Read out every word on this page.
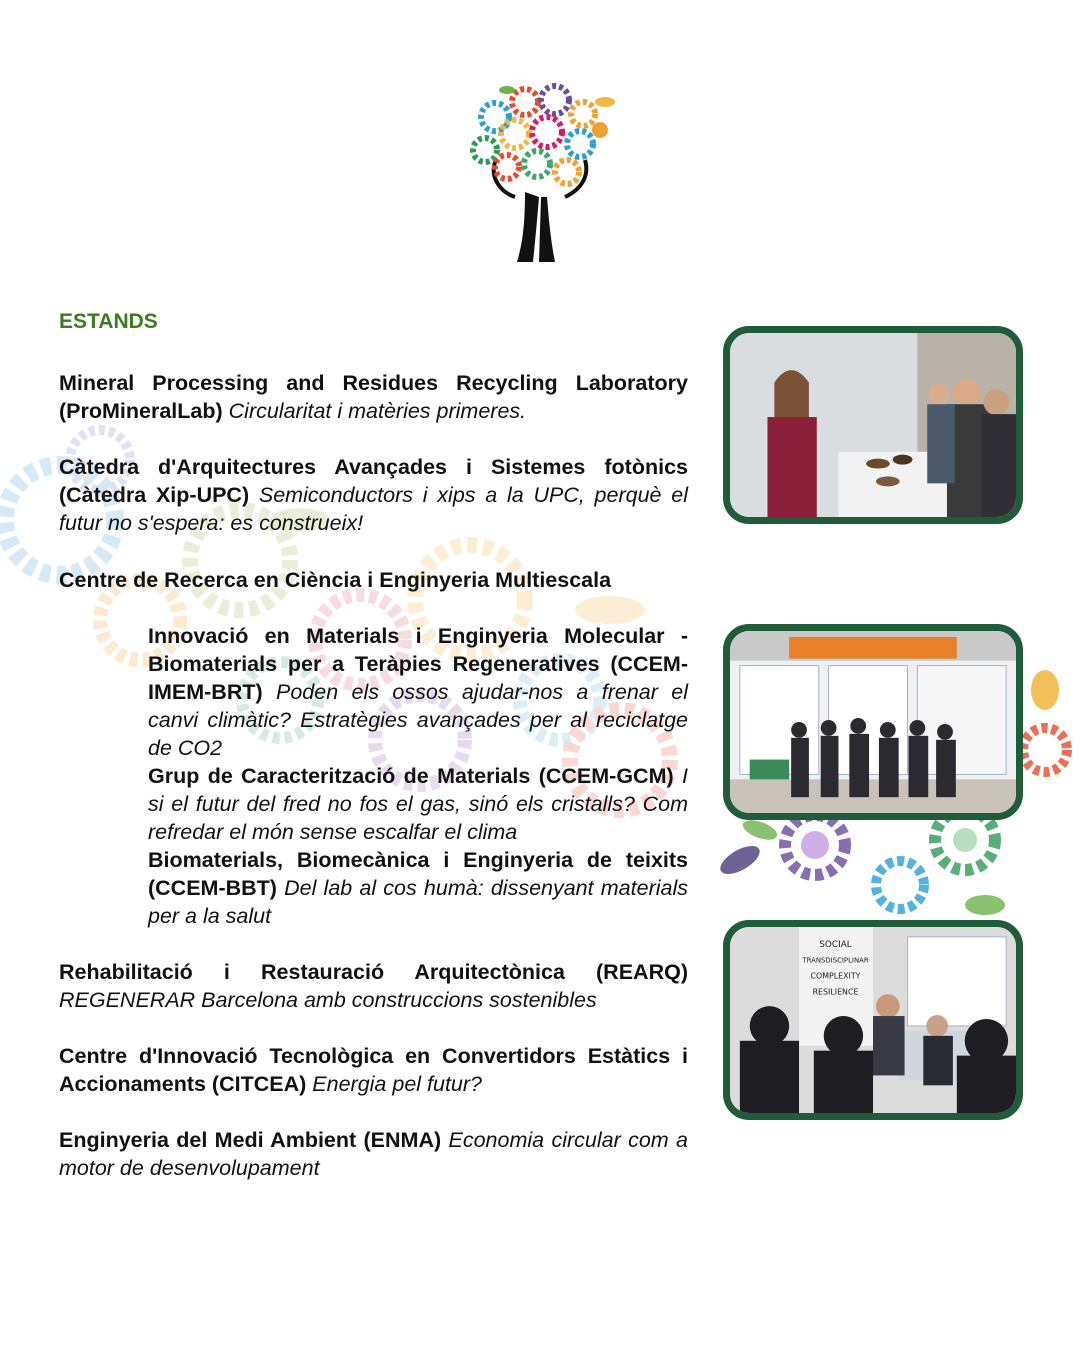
ESTANDS

Mineral Processing and Residues Recycling Laboratory (ProMineralLab) Circularitat i matèries primeres.

Càtedra d'Arquitectures Avançades i Sistemes fotònics (Càtedra Xip-UPC) Semiconductors i xips a la UPC, perquè el futur no s'espera: es construeix!

Centre de Recerca en Ciència i Enginyeria Multiescala

Innovació en Materials i Enginyeria Molecular - Biomaterials per a Teràpies Regeneratives (CCEM-IMEM-BRT) Poden els ossos ajudar-nos a frenar el canvi climàtic? Estratègies avançades per al reciclatge de CO2

Grup de Caracterització de Materials (CCEM-GCM) I si el futur del fred no fos el gas, sinó els cristalls? Com refredar el món sense escalfar el clima

Biomaterials, Biomecànica i Enginyeria de teixits (CCEM-BBT) Del lab al cos humà: dissenyant materials per a la salut

Rehabilitació i Restauració Arquitectònica (REARQ) REGENERAR Barcelona amb construccions sostenibles

Centre d'Innovació Tecnològica en Convertidors Estàtics i Accionaments (CITCEA) Energia pel futur?

Enginyeria del Medi Ambient (ENMA) Economia circular com a motor de desenvolupament

SOCIAL
TRANSDISCIPLINAR
COMPLEXITY
RESILIENCE
